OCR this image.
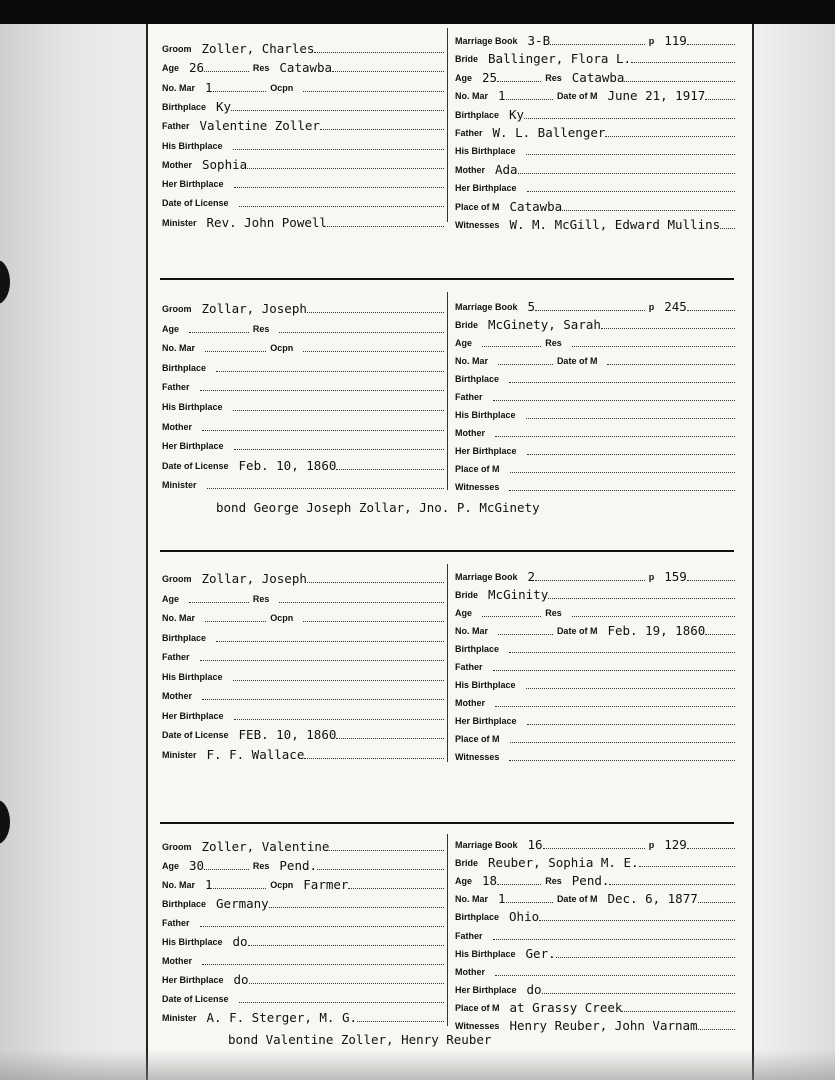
Groom Zoller, Charles
Age 26	Res Catawba
No. Mar 1	Ocpn
Birthplace Ky
Father Valentine Zoller
His Birthplace
Mother Sophia
Her Birthplace
Date of License
Minister Rev. John Powell
Marriage Book 3-B	p 119
Bride Ballinger, Flora L.
Age 25	Res Catawba
No. Mar 1	Date of M June 21, 1917
Birthplace Ky
Father W. L. Ballenger
His Birthplace
Mother Ada
Her Birthplace
Place of M Catawba
Witnesses W. M. McGill, Edward Mullins
Groom Zollar, Joseph
Age	Res
No. Mar	Ocpn
Birthplace
Father
His Birthplace
Mother
Her Birthplace
Date of License Feb. 10, 1860
Minister
Marriage Book 5	p 245
Bride McGinety, Sarah
Age	Res
No. Mar	Date of M
Birthplace
Father
His Birthplace
Mother
Her Birthplace
Place of M
Witnesses
bond George Joseph Zollar, Jno. P. McGinety
Groom Zollar, Joseph
Age	Res
No. Mar	Ocpn
Birthplace
Father
His Birthplace
Mother
Her Birthplace
Date of License FEB. 10, 1860
Minister F. F. Wallace
Marriage Book 2	p 159
Bride McGinity
Age	Res
No. Mar	Date of M Feb. 19, 1860
Birthplace
Father
His Birthplace
Mother
Her Birthplace
Place of M
Witnesses
Groom Zoller, Valentine
Age 30	Res Pend.
No. Mar 1	Ocpn Farmer
Birthplace Germany
Father
His Birthplace do
Mother
Her Birthplace do
Date of License
Minister A. F. Sterger, M. G.
Marriage Book 16	p 129
Bride Reuber, Sophia M. E.
Age 18	Res Pend.
No. Mar 1	Date of M Dec. 6, 1877
Birthplace Ohio
Father
His Birthplace Ger.
Mother
Her Birthplace do
Place of M at Grassy Creek
Witnesses Henry Reuber, John Varnam
bond Valentine Zoller, Henry Reuber
